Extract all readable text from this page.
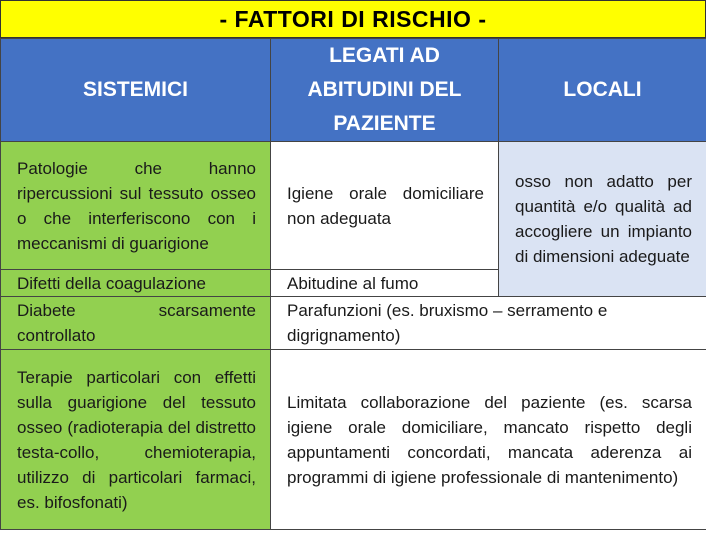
- FATTORI DI RISCHIO -
SISTEMICI	LEGATI AD ABITUDINI DEL PAZIENTE	LOCALI
Patologie che hanno ripercussioni sul tessuto osseo o che interferiscono con i meccanismi di guarigione	Igiene orale domiciliare non adeguata	osso non adatto per quantità e/o qualità ad accogliere un impianto di dimensioni adeguate
Difetti della coagulazione	Abitudine al fumo	
Diabete scarsamente controllato	Parafunzioni (es. bruxismo – serramento e digrignamento)	
Terapie particolari con effetti sulla guarigione del tessuto osseo (radioterapia del distretto testa-collo, chemioterapia, utilizzo di particolari farmaci, es. bifosfonati)	Limitata collaborazione del paziente (es. scarsa igiene orale domiciliare, mancato rispetto degli appuntamenti concordati, mancata aderenza ai programmi di igiene professionale di mantenimento)	
